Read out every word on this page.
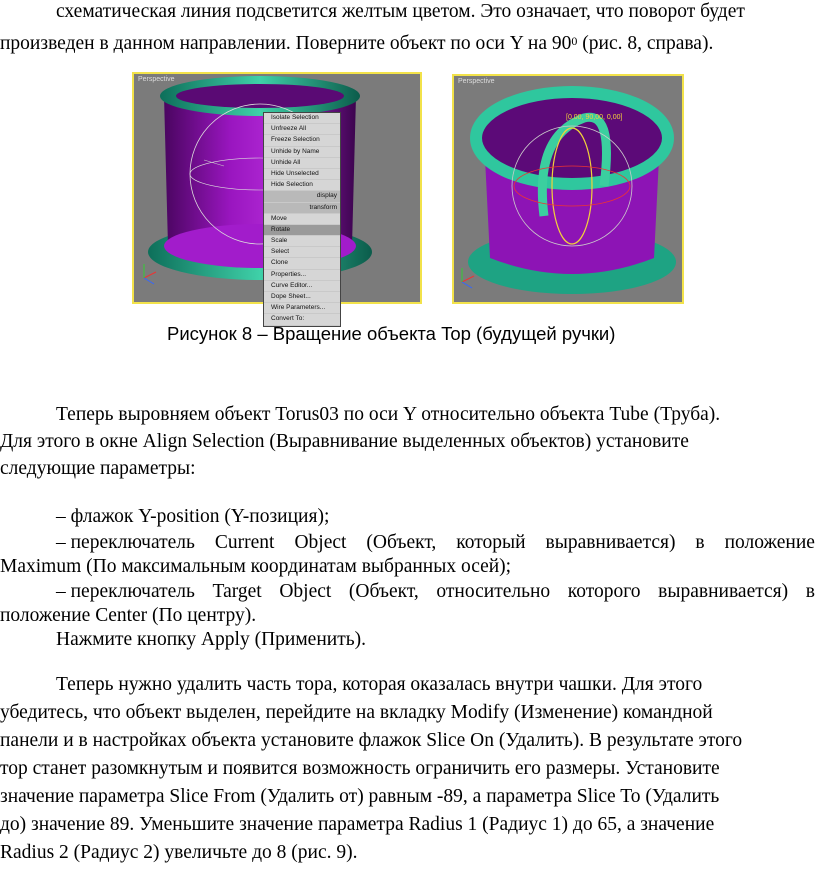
схематическая линия подсветится желтым цветом. Это означает, что поворот будет
произведен в данном направлении. Поверните объект по оси Y на $90^0$ (рис. 8, справа).
Perspective
Isolate Selection
Unfreeze All
Freeze Selection
Unhide by Name
Unhide All
Hide Unselected
Hide Selection
display
transform
Move
Rotate
Scale
Select
Clone
Properties...
Curve Editor...
Dope Sheet...
Wire Parameters...
Convert To:
Perspective
[0,00, 90,00, 0,00]
Рисунок 8 – Вращение объекта Top (будущей ручки)
Теперь выровняем объект Torus03 по оси Y относительно объекта Tube (Труба).
Для этого в окне Align Selection (Выравнивание выделенных объектов) установите
следующие параметры:
– флажок Y-position (Y-позиция);
– переключатель Current Object (Объект, который выравнивается) в положение
Maximum (По максимальным координатам выбранных осей);
– переключатель Target Object (Объект, относительно которого выравнивается) в
положение Center (По центру).
Нажмите кнопку Apply (Применить).
Теперь нужно удалить часть тора, которая оказалась внутри чашки. Для этого
убедитесь, что объект выделен, перейдите на вкладку Modify (Изменение) командной
панели и в настройках объекта установите флажок Slice On (Удалить). В результате этого
тор станет разомкнутым и появится возможность ограничить его размеры. Установите
значение параметра Slice From (Удалить от) равным -89, а параметра Slice To (Удалить
до) значение 89. Уменьшите значение параметра Radius 1 (Радиус 1) до 65, а значение
Radius 2 (Радиус 2) увеличьте до 8 (рис. 9).
